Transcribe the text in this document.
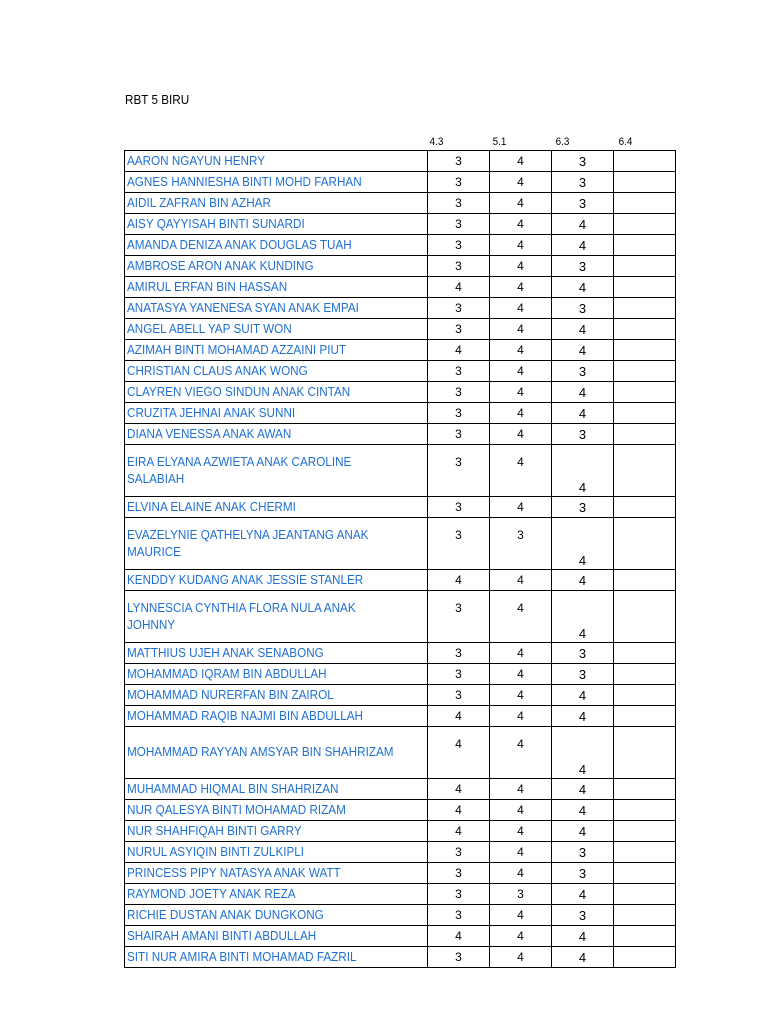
RBT 5 BIRU
4.3	5.1	6.3	6.4
AARON NGAYUN HENRY	3	4	3	
AGNES HANNIESHA BINTI MOHD FARHAN	3	4	3	
AIDIL ZAFRAN BIN AZHAR	3	4	3	
AISY QAYYISAH BINTI SUNARDI	3	4	4	
AMANDA DENIZA ANAK DOUGLAS TUAH	3	4	4	
AMBROSE ARON ANAK KUNDING	3	4	3	
AMIRUL ERFAN BIN HASSAN	4	4	4	
ANATASYA YANENESA SYAN ANAK EMPAI	3	4	3	
ANGEL ABELL YAP SUIT WON	3	4	4	
AZIMAH BINTI MOHAMAD AZZAINI PIUT	4	4	4	
CHRISTIAN CLAUS ANAK WONG	3	4	3	
CLAYREN VIEGO SINDUN ANAK CINTAN	3	4	4	
CRUZITA JEHNAI ANAK SUNNI	3	4	4	
DIANA VENESSA ANAK AWAN	3	4	3	
EIRA ELYANA AZWIETA ANAK CAROLINE SALABIAH	3	4	4	
ELVINA ELAINE ANAK CHERMI	3	4	3	
EVAZELYNIE QATHELYNA JEANTANG ANAK MAURICE	3	3	4	
KENDDY KUDANG ANAK JESSIE STANLER	4	4	4	
LYNNESCIA CYNTHIA FLORA NULA ANAK JOHNNY	3	4	4	
MATTHIUS UJEH ANAK SENABONG	3	4	3	
MOHAMMAD IQRAM BIN ABDULLAH	3	4	3	
MOHAMMAD NURERFAN BIN ZAIROL	3	4	4	
MOHAMMAD RAQIB NAJMI BIN ABDULLAH	4	4	4	
MOHAMMAD RAYYAN AMSYAR BIN SHAHRIZAM	4	4	4	
MUHAMMAD HIQMAL BIN SHAHRIZAN	4	4	4	
NUR QALESYA BINTI MOHAMAD RIZAM	4	4	4	
NUR SHAHFIQAH BINTI GARRY	4	4	4	
NURUL ASYIQIN BINTI ZULKIPLI	3	4	3	
PRINCESS PIPY NATASYA ANAK WATT	3	4	3	
RAYMOND JOETY ANAK REZA	3	3	4	
RICHIE DUSTAN ANAK DUNGKONG	3	4	3	
SHAIRAH AMANI BINTI ABDULLAH	4	4	4	
SITI NUR AMIRA BINTI MOHAMAD FAZRIL	3	4	4	
